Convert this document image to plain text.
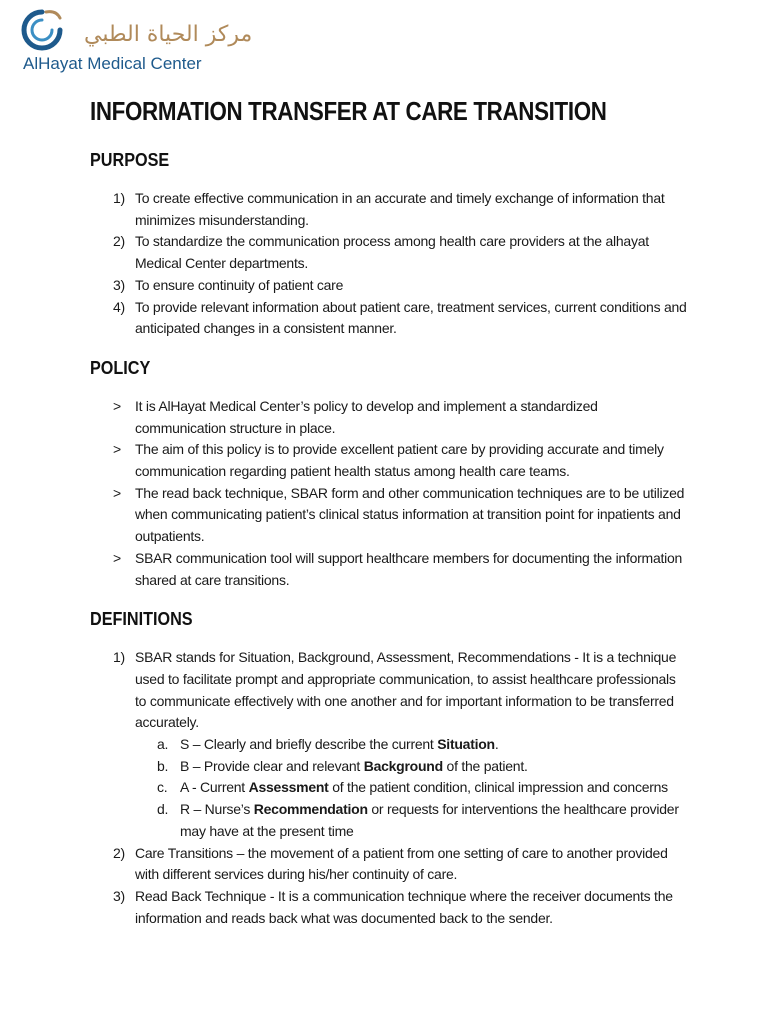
مركز الحياة الطبي
AlHayat Medical Center
INFORMATION TRANSFER AT CARE TRANSITION
PURPOSE
1) To create effective communication in an accurate and timely exchange of information that minimizes misunderstanding.
2) To standardize the communication process among health care providers at the alhayat Medical Center departments.
3) To ensure continuity of patient care
4) To provide relevant information about patient care, treatment services, current conditions and anticipated changes in a consistent manner.
POLICY
> It is AlHayat Medical Center’s policy to develop and implement a standardized communication structure in place.
> The aim of this policy is to provide excellent patient care by providing accurate and timely communication regarding patient health status among health care teams.
> The read back technique, SBAR form and other communication techniques are to be utilized when communicating patient’s clinical status information at transition point for inpatients and outpatients.
> SBAR communication tool will support healthcare members for documenting the information shared at care transitions.
DEFINITIONS
1) SBAR stands for Situation, Background, Assessment, Recommendations - It is a technique used to facilitate prompt and appropriate communication, to assist healthcare professionals to communicate effectively with one another and for important information to be transferred accurately.
a. S – Clearly and briefly describe the current Situation.
b. B – Provide clear and relevant Background of the patient.
c. A - Current Assessment of the patient condition, clinical impression and concerns
d. R – Nurse’s Recommendation or requests for interventions the healthcare provider may have at the present time
2) Care Transitions – the movement of a patient from one setting of care to another provided with different services during his/her continuity of care.
3) Read Back Technique - It is a communication technique where the receiver documents the information and reads back what was documented back to the sender.
